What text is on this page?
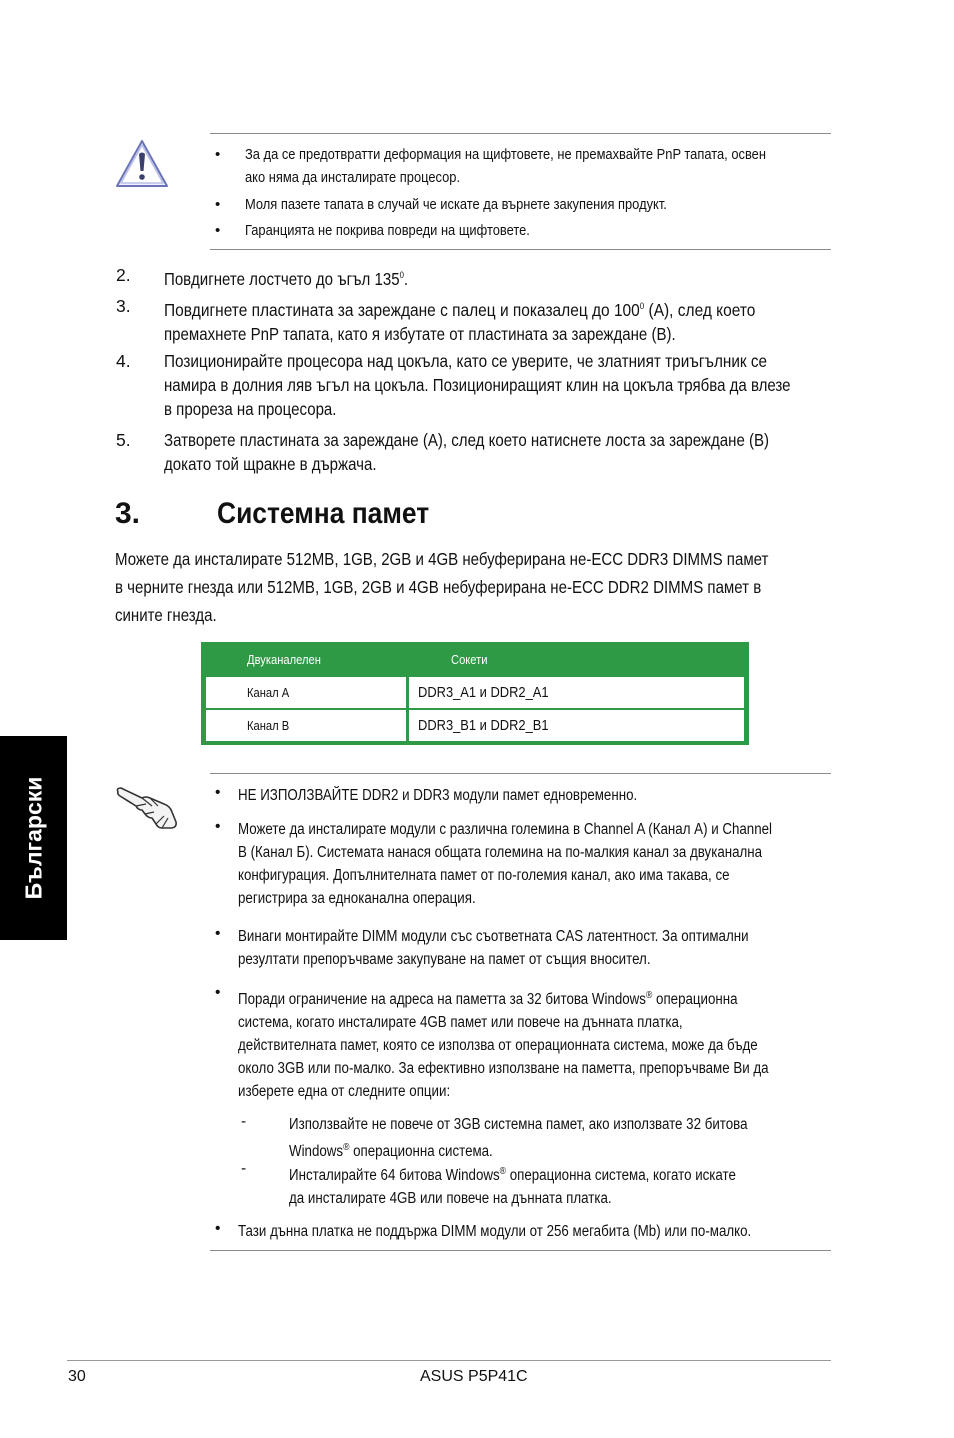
• За да се предотвратти деформация на щифтовете, не премахвайте PnP тапата, освен
ако няма да инсталирате процесор.
• Моля пазете тапата в случай че искате да върнете закупения продукт.
• Гаранцията не покрива повреди на щифтовете.
2. Повдигнете лостчето до ъгъл $135^0$.
3. Повдигнете пластината за зареждане с палец и показалец до $100^0$ (A), след което
премахнете PnP тапата, като я избутате от пластината за зареждане (B).
4. Позиционирайте процесора над цокъла, като се уверите, че златният триъгълник се
намира в долния ляв ъгъл на цокъла. Позициониращият клин на цокъла трябва да влезе
в прореза на процесора.
5. Затворете пластината за зареждане (A), след което натиснете лоста за зареждане (B)
докато той щракне в държача.
3.	Системна памет
Можете да инсталирате 512MB, 1GB, 2GB и 4GB небуферирана не-ECC DDR3 DIMMS памет
в черните гнезда или 512MB, 1GB, 2GB и 4GB небуферирана не-ECC DDR2 DIMMS памет в
сините гнезда.
Двуканалелен	Сокети
Канал A	DDR3_A1 и DDR2_A1
Канал B	DDR3_B1 и DDR2_B1
Български	• НЕ ИЗПОЛЗВАЙТЕ DDR2 и DDR3 модули памет едновременно.
• Можете да инсталирате модули с различна големина в Channel A (Канал A) и Channel
B (Канал Б). Системата нанася общата големина на по-малкия канал за двуканална
конфигурация. Допълнителната памет от по-големия канал, ако има такава, се
регистрира за едноканална операция.
• Винаги монтирайте DIMM модули със съответната CAS латентност. За оптимални
резултати препоръчваме закупуване на памет от същия вносител.
• Поради ограничение на адреса на паметта за 32 битова Windows® операционна
система, когато инсталирате 4GB памет или повече на дънната платка,
действителната памет, която се използва от операционната система, може да бъде
около 3GB или по-малко. За ефективно използване на паметта, препоръчваме Ви да
изберете една от следните опции:
-	Използвайте не повече от 3GB системна памет, ако използвате 32 битова Windows® операционна система.
-	Инсталирайте 64 битова Windows® операционна система, когато искате да инсталирате 4GB или повече на дънната платка.
• Тази дънна платка не поддържа DIMM модули от 256 мегабита (Mb) или по-малко.
30	ASUS P5P41C
